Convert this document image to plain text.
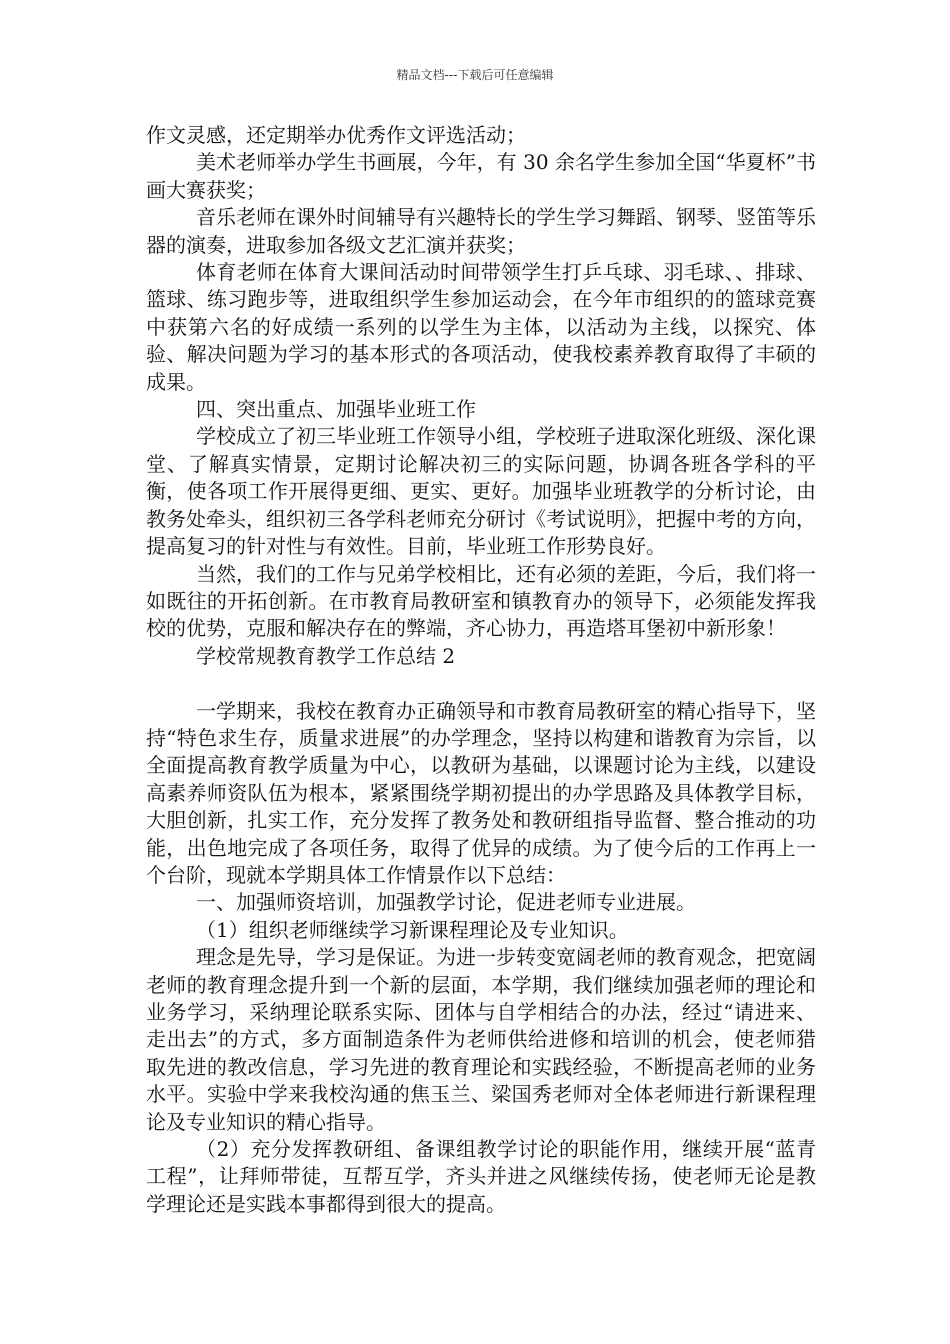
精品文档---下载后可任意编辑

作文灵感，还定期举办优秀作文评选活动；

美术老师举办学生书画展，今年，有 30 余名学生参加全国“华夏杯”书画大赛获奖；

音乐老师在课外时间辅导有兴趣特长的学生学习舞蹈、钢琴、竖笛等乐器的演奏，进取参加各级文艺汇演并获奖；

体育老师在体育大课间活动时间带领学生打乒乓球、羽毛球、、排球、篮球、练习跑步等，进取组织学生参加运动会，在今年市组织的的篮球竞赛中获第六名的好成绩一系列的以学生为主体，以活动为主线，以探究、体验、解决问题为学习的基本形式的各项活动，使我校素养教育取得了丰硕的成果。

四、突出重点、加强毕业班工作

学校成立了初三毕业班工作领导小组，学校班子进取深化班级、深化课堂、了解真实情景，定期讨论解决初三的实际问题，协调各班各学科的平衡，使各项工作开展得更细、更实、更好。加强毕业班教学的分析讨论，由教务处牵头，组织初三各学科老师充分研讨《考试说明》，把握中考的方向，提高复习的针对性与有效性。目前，毕业班工作形势良好。

当然，我们的工作与兄弟学校相比，还有必须的差距，今后，我们将一如既往的开拓创新。在市教育局教研室和镇教育办的领导下，必须能发挥我校的优势，克服和解决存在的弊端，齐心协力，再造塔耳堡初中新形象！

学校常规教育教学工作总结 2

一学期来，我校在教育办正确领导和市教育局教研室的精心指导下，坚持“特色求生存，质量求进展”的办学理念，坚持以构建和谐教育为宗旨，以全面提高教育教学质量为中心，以教研为基础，以课题讨论为主线，以建设高素养师资队伍为根本，紧紧围绕学期初提出的办学思路及具体教学目标，大胆创新，扎实工作，充分发挥了教务处和教研组指导监督、整合推动的功能，出色地完成了各项任务，取得了优异的成绩。为了使今后的工作再上一个台阶，现就本学期具体工作情景作以下总结：

一、加强师资培训，加强教学讨论，促进老师专业进展。

（1）组织老师继续学习新课程理论及专业知识。

理念是先导，学习是保证。为进一步转变宽阔老师的教育观念，把宽阔老师的教育理念提升到一个新的层面，本学期，我们继续加强老师的理论和业务学习，采纳理论联系实际、团体与自学相结合的办法，经过“请进来、走出去”的方式，多方面制造条件为老师供给进修和培训的机会，使老师猎取先进的教改信息，学习先进的教育理论和实践经验，不断提高老师的业务水平。实验中学来我校沟通的焦玉兰、梁国秀老师对全体老师进行新课程理论及专业知识的精心指导。

（2）充分发挥教研组、备课组教学讨论的职能作用，继续开展“蓝青工程”，让拜师带徒，互帮互学，齐头并进之风继续传扬，使老师无论是教学理论还是实践本事都得到很大的提高。
